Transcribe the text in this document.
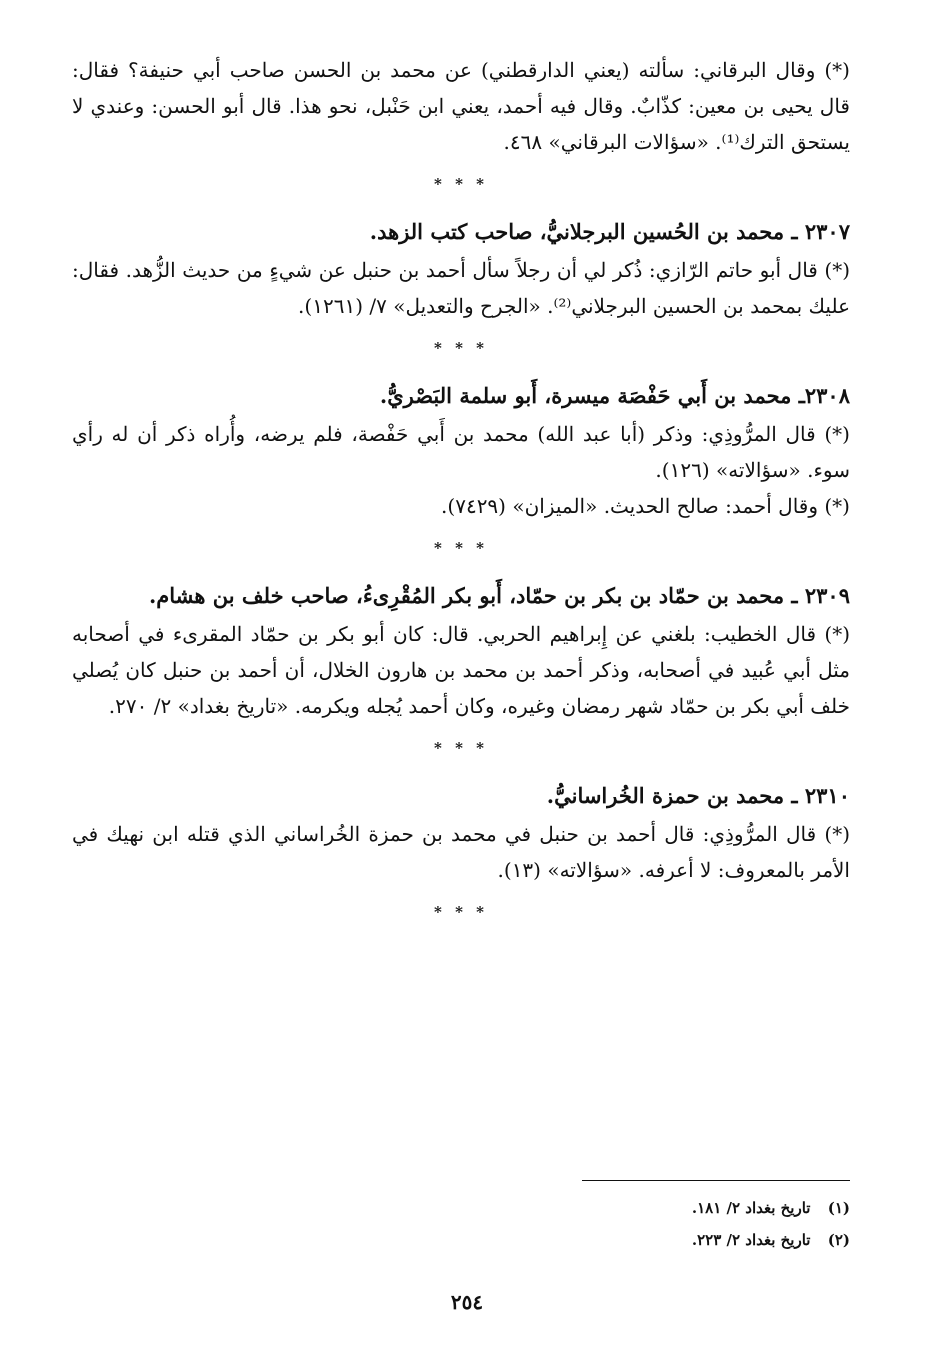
(*) وقال البرقاني: سألته (يعني الدارقطني) عن محمد بن الحسن صاحب أبي حنيفة؟ فقال: قال يحيى بن معين: كذّابٌ. وقال فيه أحمد، يعني ابن حَنْبل، نحو هذا. قال أبو الحسن: وعندي لا يستحق الترك⁽¹⁾. «سؤالات البرقاني» ٤٦٨.

* * *
٢٣٠٧ ـ محمد بن الحُسين البرجلانيُّ، صاحب كتب الزهد.

(*) قال أبو حاتم الرّازي: ذُكر لي أن رجلاً سأل أحمد بن حنبل عن شيءٍ من حديث الزُّهد. فقال: عليك بمحمد بن الحسين البرجلاني⁽²⁾. «الجرح والتعديل» ٧/ (١٢٦١).

* * *
٢٣٠٨ـ محمد بن أَبي حَفْصَة ميسرة، أَبو سلمة البَصْريُّ.

(*) قال المرُّوذِي: وذكر (أبا عبد الله) محمد بن أَبي حَفْصة، فلم يرضه، وأُراه ذكر أن له رأي سوء. «سؤالاته» (١٢٦).

(*) وقال أحمد: صالح الحديث. «الميزان» (٧٤٢٩).

* * *
٢٣٠٩ ـ محمد بن حمّاد بن بكر بن حمّاد، أَبو بكر المُقْرِىءُ، صاحب خلف بن هشام.

(*) قال الخطيب: بلغني عن إِبراهيم الحربي. قال: كان أبو بكر بن حمّاد المقرىء في أصحابه مثل أبي عُبيد في أصحابه، وذكر أحمد بن محمد بن هارون الخلال، أن أحمد بن حنبل كان يُصلي خلف أبي بكر بن حمّاد شهر رمضان وغيره، وكان أحمد يُجله ويكرمه. «تاريخ بغداد» ٢/ ٢٧٠.

* * *
٢٣١٠ ـ محمد بن حمزة الخُراسانيُّ.

(*) قال المرُّوذِي: قال أحمد بن حنبل في محمد بن حمزة الخُراساني الذي قتله ابن نهيك في الأمر بالمعروف: لا أعرفه. «سؤالاته» (١٣).

* * *

(١) تاريخ بغداد ٢/ ١٨١.

(٢) تاريخ بغداد ٢/ ٢٢٣.

٢٥٤
